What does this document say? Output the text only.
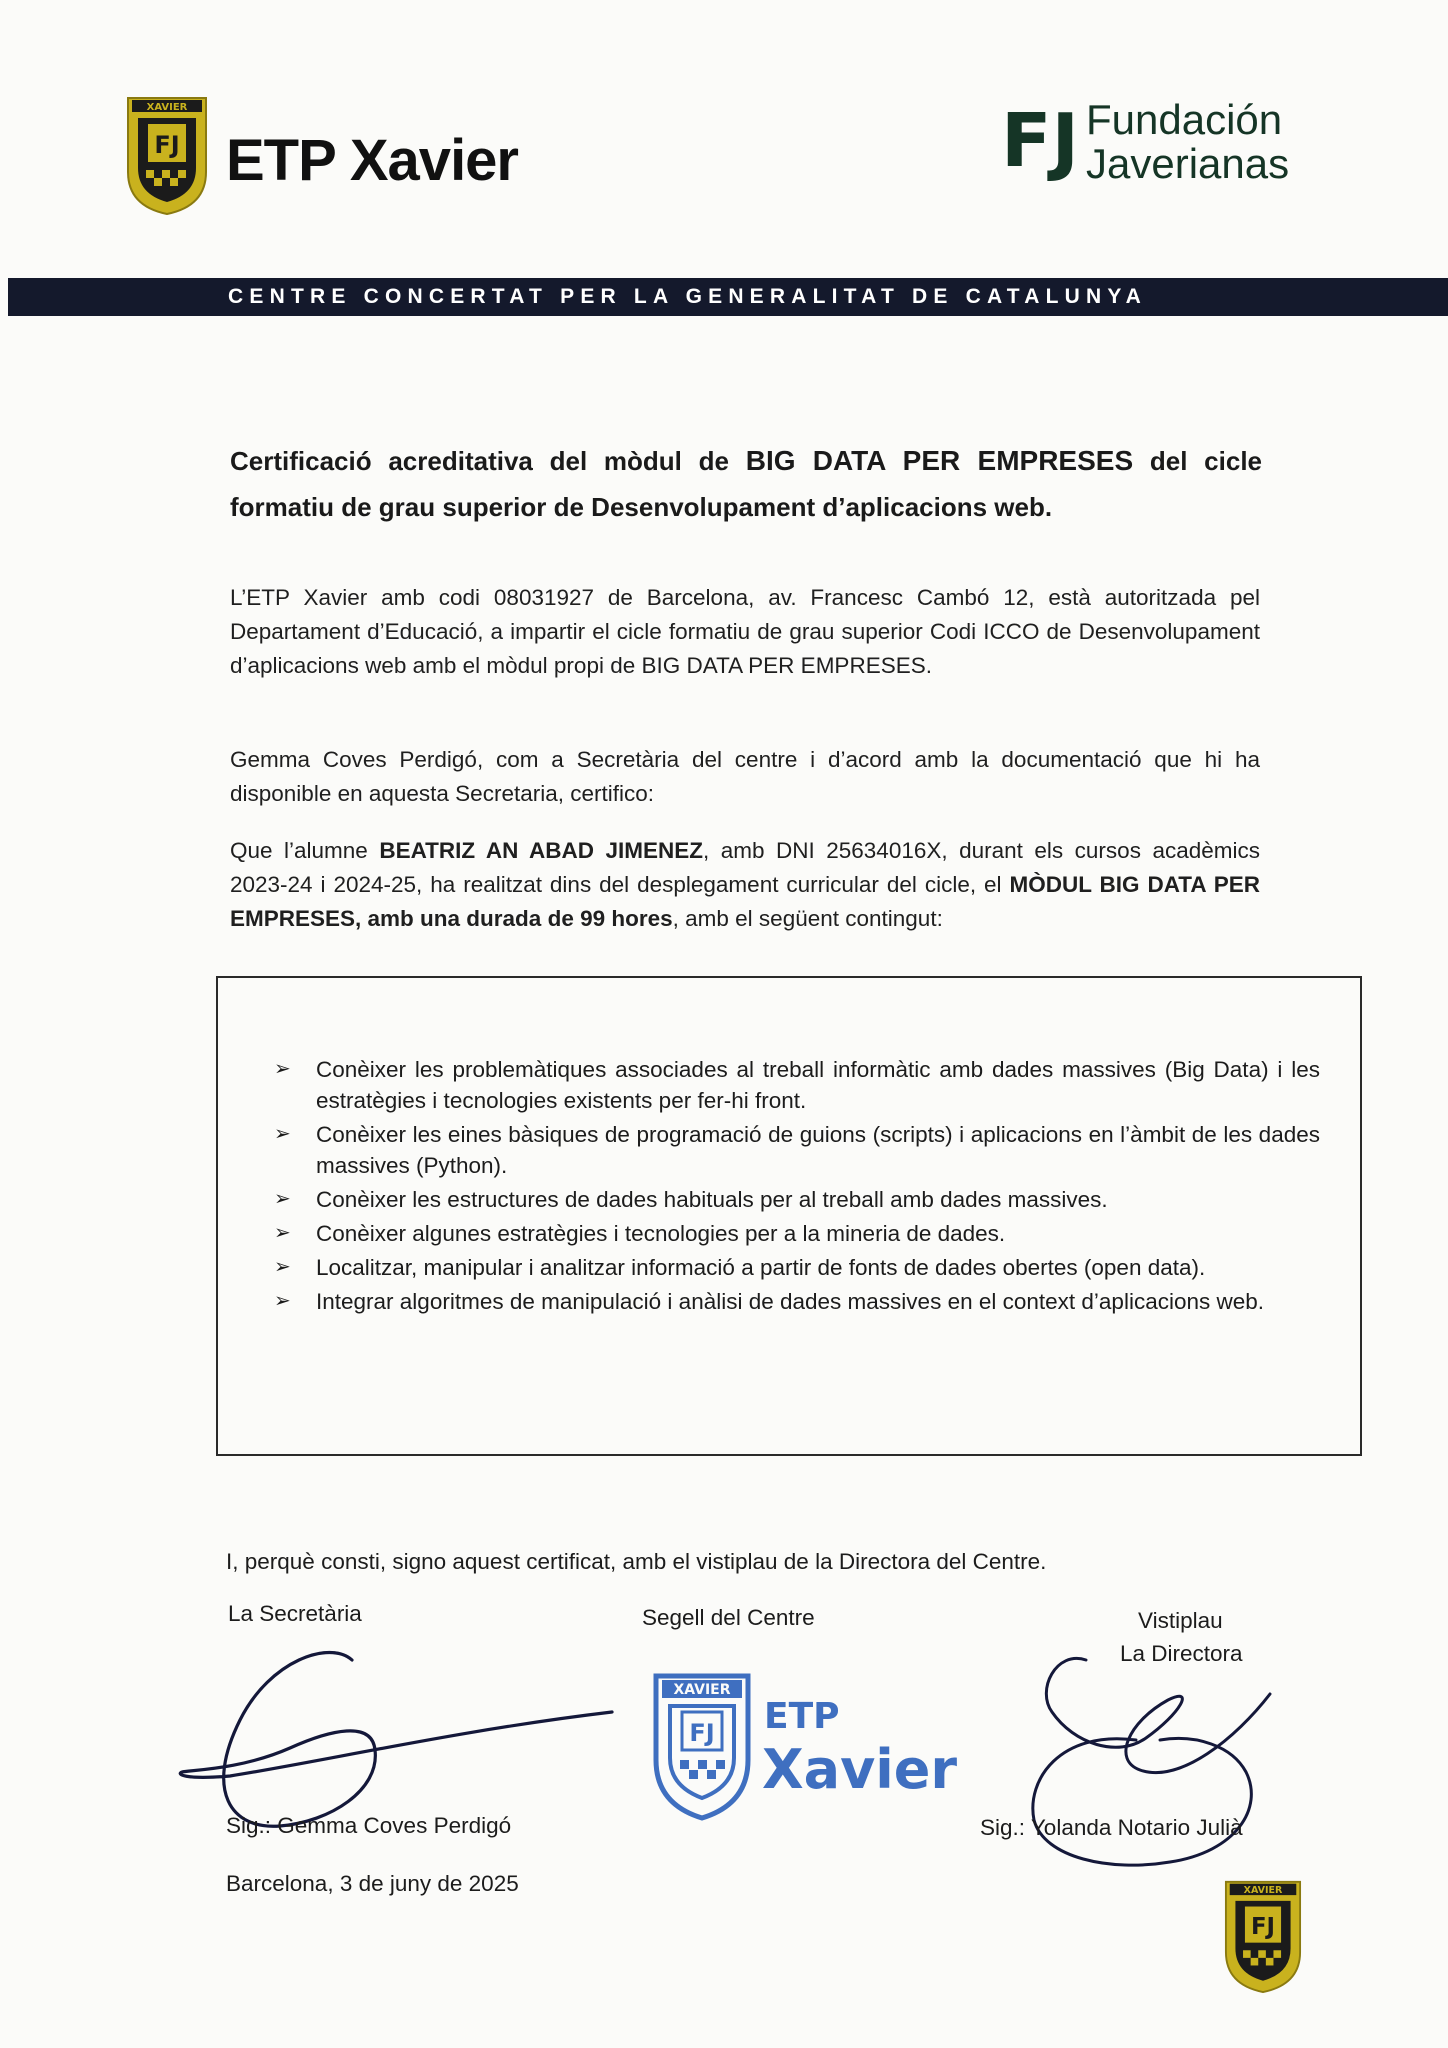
XAVIER
FJ ETP Xavier	FJ Fundación
Javerianas
CENTRE CONCERTAT PER LA GENERALITAT DE CATALUNYA
Certificació acreditativa del mòdul de BIG DATA PER EMPRESES del cicle formatiu de grau superior de Desenvolupament d’aplicacions web.
L’ETP Xavier amb codi 08031927 de Barcelona, av. Francesc Cambó 12, està autoritzada pel Departament d’Educació, a impartir el cicle formatiu de grau superior Codi ICCO de Desenvolupament d’aplicacions web amb el mòdul propi de BIG DATA PER EMPRESES.
Gemma Coves Perdigó, com a Secretària del centre i d’acord amb la documentació que hi ha disponible en aquesta Secretaria, certifico:
Que l’alumne BEATRIZ AN ABAD JIMENEZ, amb DNI 25634016X, durant els cursos acadèmics 2023-24 i 2024-25, ha realitzat dins del desplegament curricular del cicle, el MÒDUL BIG DATA PER EMPRESES, amb una durada de 99 hores, amb el següent contingut:
➢ Conèixer les problemàtiques associades al treball informàtic amb dades massives (Big Data) i les estratègies i tecnologies existents per fer-hi front.
➢ Conèixer les eines bàsiques de programació de guions (scripts) i aplicacions en l’àmbit de les dades massives (Python).
➢ Conèixer les estructures de dades habituals per al treball amb dades massives.
➢ Conèixer algunes estratègies i tecnologies per a la mineria de dades.
➢ Localitzar, manipular i analitzar informació a partir de fonts de dades obertes (open data).
➢ Integrar algoritmes de manipulació i anàlisi de dades massives en el context d’aplicacions web.
I, perquè consti, signo aquest certificat, amb el vistiplau de la Directora del Centre.
La Secretària	Segell del Centre	Vistiplau
La Directora
XAVIER
FJ ETP
Xavier
Sig.: Gemma Coves Perdigó	Sig.: Yolanda Notario Julià
Barcelona, 3 de juny de 2025	XAVIER
FJ
